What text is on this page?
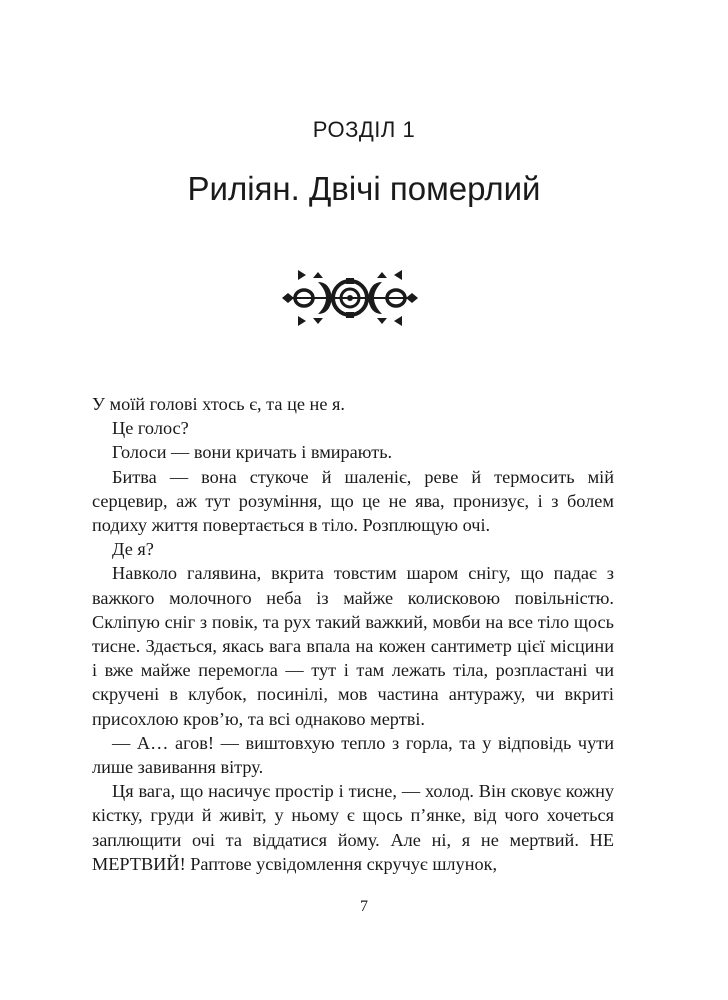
РОЗДІЛ 1
Риліян. Двічі померлий

У моїй голові хтось є, та це не я.

Це голос?

Голоси — вони кричать і вмирають.

Битва — вона стукоче й шаленіє, реве й термосить мій серцевир, аж тут розуміння, що це не ява, пронизує, і з болем подиху життя повертається в тіло. Розплющую очі.

Де я?

Навколо галявина, вкрита товстим шаром снігу, що падає з важкого молочного неба із майже колисковою повільністю. Скліпую сніг з повік, та рух такий важкий, мовби на все тіло щось тисне. Здається, якась вага впала на кожен сантиметр цієї місцини і вже майже перемогла — тут і там лежать тіла, розпластані чи скручені в клубок, посинілі, мов частина антуражу, чи вкриті присохлою кров’ю, та всі однаково мертві.

— А… агов! — виштовхую тепло з горла, та у відповідь чути лише завивання вітру.

Ця вага, що насичує простір і тисне, — холод. Він сковує кожну кістку, груди й живіт, у ньому є щось п’янке, від чого хочеться заплющити очі та віддатися йому. Але ні, я не мертвий. НЕ МЕРТВИЙ! Раптове усвідомлення скручує шлунок,

7
